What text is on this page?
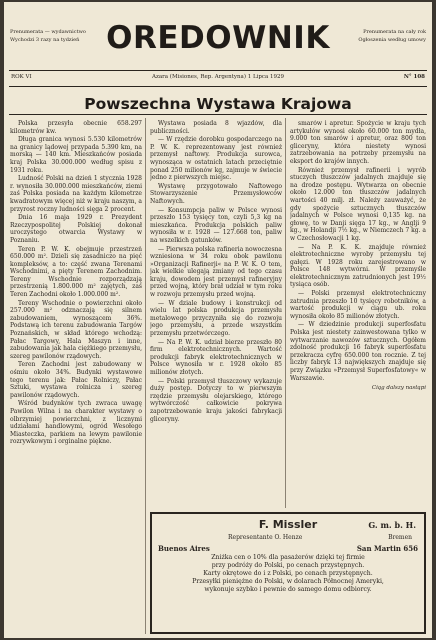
Prenumerata — wydawnictwo
Wychodzi 3 razy na tydzień OREDOWNIK	Prenumerata na cały rok
Ogłoszenia według umowy
ROK VI	Azara (Misiones, Rep. Argentyna) 1 Lipca 1929	N° 108
Powszechna Wystawa Krajowa

Polska przesyła obecnie 658.297 kilometrów kw.

Długa granica wynosi 5.530 kilometrów na granicy lądowej przypada 5.390 km, na morską — 140 km. Mieszkańców posiada kraj Polska 30.000.000 według spisu z 1931 roku.

Ludność Polski na dzień 1 stycznia 1928 r. wynosiła 30.000.000 mieszkańców, ziemi zaś Polska posiada na każdym kilometrze kwadratowym więcej niż w kraju naszym, a przyrost roczny ludności sięga 2 procent.

Dnia 16 maja 1929 r. Prezydent Rzeczypospolitej Polskiej dokonał uroczystego otwarcia Wystawy w Poznaniu.

Teren P. W. K. obejmuje przestrzeń 650.000 m². Dzieli się zasadniczo na pięć kompleksów, a to: część zwana Terenami Wschodnimi, a pięty Terenem Zachodnim. Tereny Wschodnie rozporządzają przestrzenią 1.800.000 m² zajętych, zaś Teren Zachodni około 1.000.000 m².

Tereny Wschodnie o powierzchni około 257.000 m² odznaczają się silnem zabudowaniem, wynoszącem 36%. Podstawą ich terenu zabudowania Targów Poznańskich, w skład którego wchodzą: Pałac Targowy, Hala Maszyn i inne, zabudowania jak hala ciężkiego przemysłu, szereg pawilonów rządowych.

Teren Zachodni jest zabudowany w ośmiu około 34%. Budynki wystawowe tego terenu jak: Pałac Rolniczy, Pałac Sztuki, wystawa rolnicza i szereg pawilonów rządowych.

Wśród budynków tych zwraca uwagę Pawilon Wilna i na charakter wystawy o olbrzymiej powierzchni, z licznymi udziałami handlowymi, ogród Wesołego Miasteczka, parkiem na lewym pawilonie rozrywkowym i orginalne piękne.

Wystawa posiada 8 wjazdów, dla publiczności.

— W rzędzie dorobku gospodarczego na P. W. K. reprezentowany jest również przemysł naftowy. Produkcja surowca, wynosząca w ostatnich latach przeciętnie ponad 250 milionów kg, zajmuje w świecie jedno z pierwszych miejsc.

Wystawę przygotowało Naftowego Stowarzyszenie Przemysłowców Naftowych.

— Konsumpcja paliw w Polsce wynosi przeszło 153 tysięcy ton, czyli 5,3 kg na mieszkańca. Produkcja polskich paliw wynosiła w r. 1928 — 127.668 ton, paliw na wszelkich gatunków.

— Pierwsza polska rafineria nowoczesna wzniesiona w 34 roku obok pawilonu »Organizacji Rafinerji« na P. W. K. O tem, jak wielkie ulegają zmiany od tego czasu kraju, dowodem jest przemysł rafineryjny przed wojną, który brał udział w tym roku w rozwoju przemysłu przed wojną.

— W dziale budowy i konstrukcji od wielu lat polska produkcja przemysłu metalowego przyczyniła się do rozwoju jego przemysłu, a przede wszystkim przemysłu przetwórczego.

— Na P. W. K. udział bierze przeszło 80 firm elektrotechnicznych. Wartość produkcji fabryk elektrotechnicznych w Polsce wynosiła w r. 1928 około 85 milionów złotych.

— Polski przemysł tłuszczowy wykazuje duży postęp. Dotyczy to w pierwszym rzędzie przemysłu olejarskiego, którego wytwórczość całkowicie pokrywa zapotrzebowanie kraju jakości fabrykacji gliceryny.

smarów i apretur. Spożycie w kraju tych artykułów wynosi około 60.000 ton mydła, 9.000 ton smarów i apretur, oraz 800 ton gliceryny, która niestety wynosi zatrzebowania na potrzeby przemysłu na eksport do krajów innych.

Również przemysł rafinerii i wyrób stuczych tłuszczów jadalnych znajduje się na drodze postępu. Wytwarza on obecnie około 12.000 ton tłuszczów jadalnych wartości 40 milj. zł. Należy zauważyć, że gdy spożycie sztucznych tłuszczów jadalnych w Polsce wynosi 0,135 kg. na głowę, to w Danji sięga 17 kg., w Anglji 9 kg., w Holandji 7½ kg., w Niemczech 7 kg. a w Czechosłowacji 1 kg.

— Na P. K. K. znajduje również elektrotechniczne wyroby przemysłu tej gałęzi. W 1928 roku zarejestrowano w Polsce 148 wytwórni. W przemyśle elektrotechnicznym zatrudnionych jest 19½ tysiąca osób.

— Polski przemysł elektrotechniczny zatrudnia przeszło 10 tysięcy robotników, a wartość produkcji w ciągu ub. roku wynosiła około 85 milionów złotych.

— W dziedzinie produkcji superfosfatu Polska jest niestety zainwestowana tylko w wytwarzanie nawozów sztucznych. Ogółem zdolność produkcji 16 fabryk superfosfatu przekracza cyfrę 650.000 ton rocznie. Z tej liczby fabryk 13 największych znajduje się przy Związku »Przemysł Superfosfatowy« w Warszawie.

Ciąg dalszy nastąpi
F. Missler	G. m. b. H.
Representante O. Henze	Bremen
Buenos Aires	San Martin 656
Zniżka cen o 10% dla pasażerów dzięki tej firmie
przy podróży do Polski, po cenach przystępnych.
Karty okrętowe do i z Polski, po cenach przystępnych.
Przesyłki pieniężne do Polski, w dolarach Północnej Ameryki,
wykonuje szybko i pewnie do samego domu odbiorcy.
